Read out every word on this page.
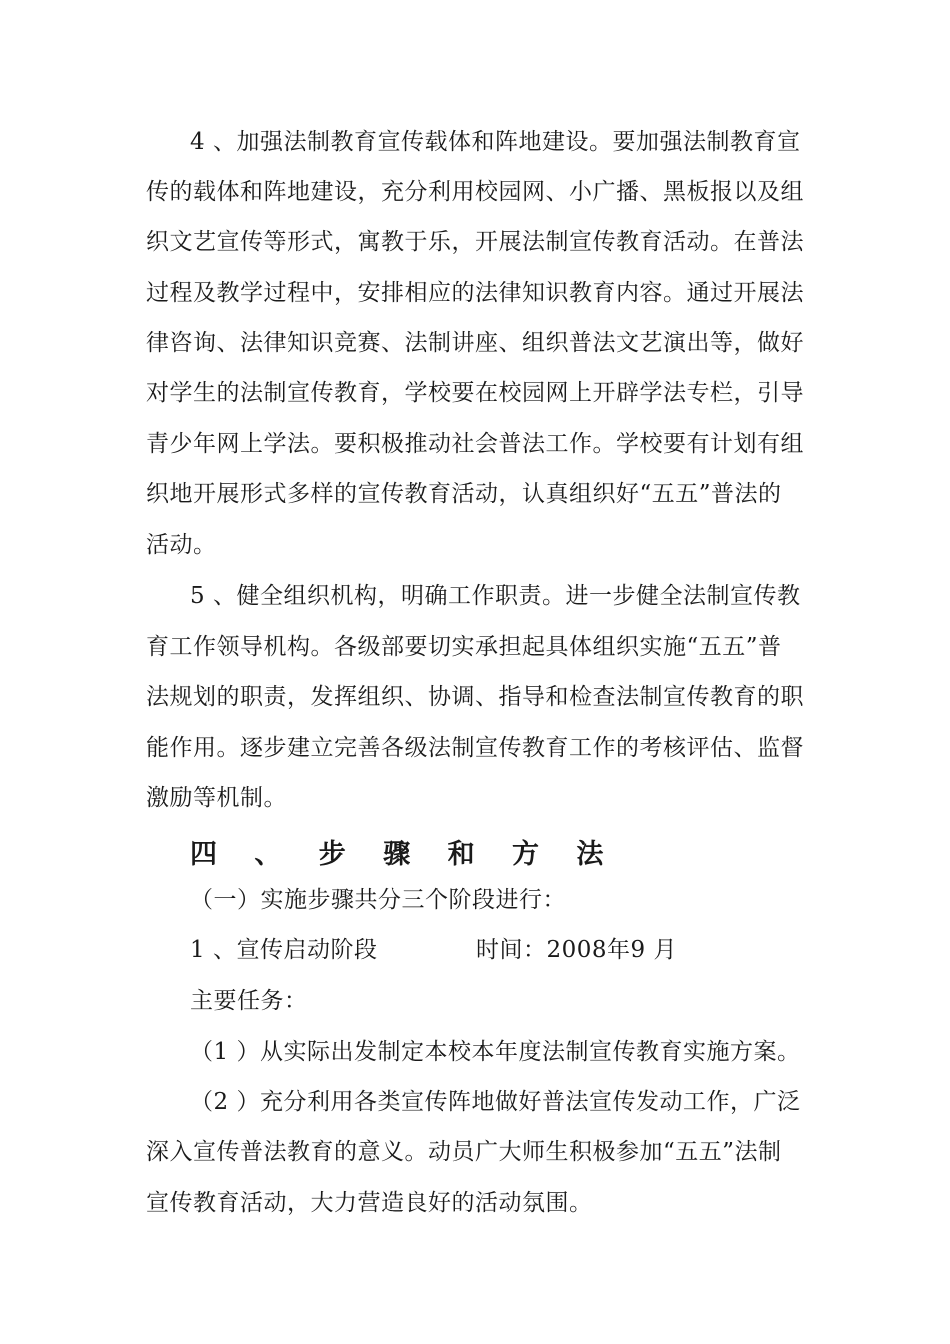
4 、加强法制教育宣传载体和阵地建设。要加强法制教育宣
传的载体和阵地建设，充分利用校园网、小广播、黑板报以及组
织文艺宣传等形式，寓教于乐，开展法制宣传教育活动。在普法
过程及教学过程中，安排相应的法律知识教育内容。通过开展法
律咨询、法律知识竞赛、法制讲座、组织普法文艺演出等，做好
对学生的法制宣传教育，学校要在校园网上开辟学法专栏，引导
青少年网上学法。要积极推动社会普法工作。学校要有计划有组
织地开展形式多样的宣传教育活动，认真组织好“五五”普法的
活动。
5 、健全组织机构，明确工作职责。进一步健全法制宣传教
育工作领导机构。各级部要切实承担起具体组织实施“五五”普
法规划的职责，发挥组织、协调、指导和检查法制宣传教育的职
能作用。逐步建立完善各级法制宣传教育工作的考核评估、监督
激励等机制。
四 、 步 骤 和 方 法
（一）实施步骤共分三个阶段进行：
1 、宣传启动阶段	时间：2008年9 月
主要任务：
（1 ）从实际出发制定本校本年度法制宣传教育实施方案。
（2 ）充分利用各类宣传阵地做好普法宣传发动工作，广泛
深入宣传普法教育的意义。动员广大师生积极参加“五五”法制
宣传教育活动，大力营造良好的活动氛围。
